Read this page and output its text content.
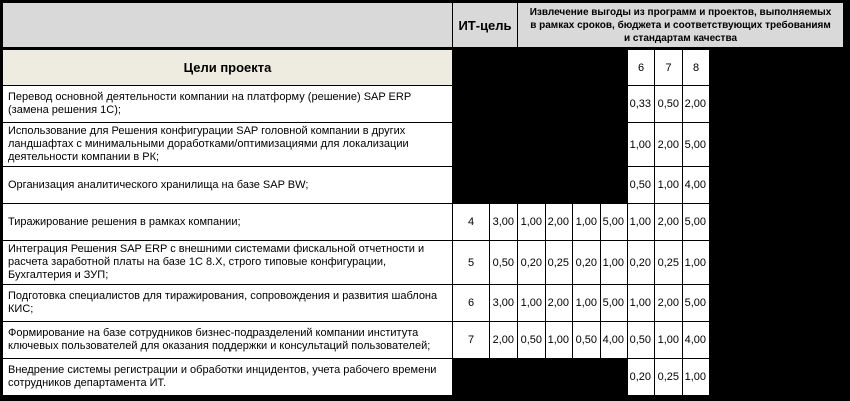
	ИТ-цель		Извлечение выгоды из программ и проектов, выполняемых в рамках сроков, бюджета и соответствующих требованиям и стандартам качества							
Цели проекта							6	7	8	
Перевод основной деятельности компании на платформу (решение) SAP ERP (замена решения 1С);							0,33	0,50	2,00	
Использование для Решения конфигурации SAP головной компании в других ландшафтах с минимальными доработками/оптимизациями для локализации деятельности компании в РК;							1,00	2,00	5,00	
Организация аналитического хранилища на базе SAP BW;							0,50	1,00	4,00	
Тиражирование решения в рамках компании;	4	3,00	1,00	2,00	1,00	5,00	1,00	2,00	5,00	
Интеграция Решения SAP ERP с внешними системами фискальной отчетности и расчета заработной платы на базе 1С 8.Х, строго типовые конфигурации, Бухгалтерия и ЗУП;	5	0,50	0,20	0,25	0,20	1,00	0,20	0,25	1,00	
Подготовка специалистов для тиражирования, сопровождения и развития шаблона КИС;	6	3,00	1,00	2,00	1,00	5,00	1,00	2,00	5,00	
Формирование на базе сотрудников бизнес-подразделений компании института ключевых пользователей для оказания поддержки и консультаций пользователей;	7	2,00	0,50	1,00	0,50	4,00	0,50	1,00	4,00	
Внедрение системы регистрации и обработки инцидентов, учета рабочего времени сотрудников департамента ИТ.							0,20	0,25	1,00	
